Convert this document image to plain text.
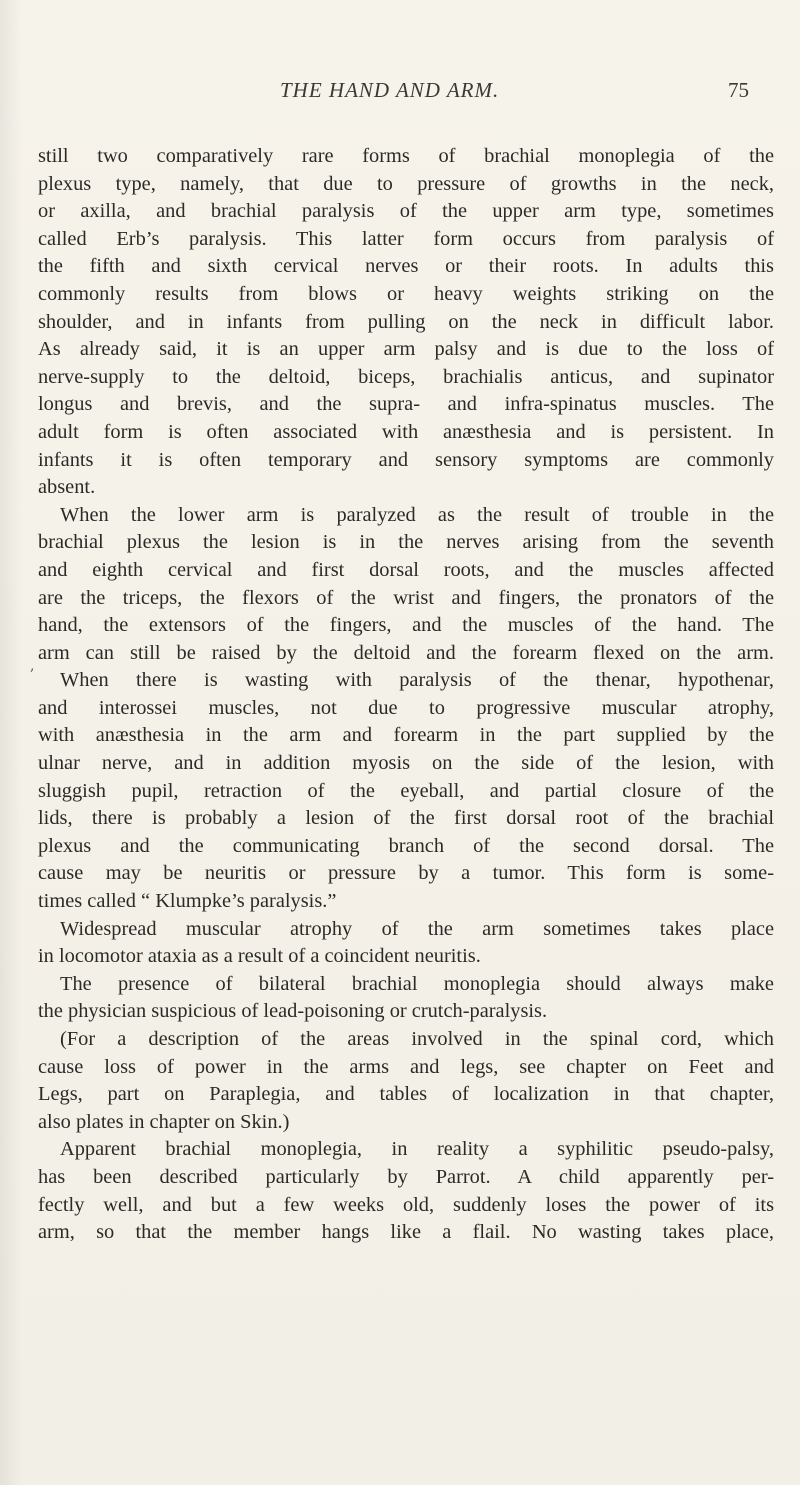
THE HAND AND ARM.	75
,
still two comparatively rare forms of brachial monoplegia of the
plexus type, namely, that due to pressure of growths in the neck,
or axilla, and brachial paralysis of the upper arm type, sometimes
called Erb’s paralysis. This latter form occurs from paralysis of
the fifth and sixth cervical nerves or their roots. In adults this
commonly results from blows or heavy weights striking on the
shoulder, and in infants from pulling on the neck in difficult labor.
As already said, it is an upper arm palsy and is due to the loss of
nerve-supply to the deltoid, biceps, brachialis anticus, and supinator
longus and brevis, and the supra- and infra-spinatus muscles. The
adult form is often associated with anæsthesia and is persistent. In
infants it is often temporary and sensory symptoms are commonly
absent.
When the lower arm is paralyzed as the result of trouble in the
brachial plexus the lesion is in the nerves arising from the seventh
and eighth cervical and first dorsal roots, and the muscles affected
are the triceps, the flexors of the wrist and fingers, the pronators of the
hand, the extensors of the fingers, and the muscles of the hand. The
arm can still be raised by the deltoid and the forearm flexed on the arm.
When there is wasting with paralysis of the thenar, hypothenar,
and interossei muscles, not due to progressive muscular atrophy,
with anæsthesia in the arm and forearm in the part supplied by the
ulnar nerve, and in addition myosis on the side of the lesion, with
sluggish pupil, retraction of the eyeball, and partial closure of the
lids, there is probably a lesion of the first dorsal root of the brachial
plexus and the communicating branch of the second dorsal. The
cause may be neuritis or pressure by a tumor. This form is some-
times called “ Klumpke’s paralysis.”
Widespread muscular atrophy of the arm sometimes takes place
in locomotor ataxia as a result of a coincident neuritis.
The presence of bilateral brachial monoplegia should always make
the physician suspicious of lead-poisoning or crutch-paralysis.
(For a description of the areas involved in the spinal cord, which
cause loss of power in the arms and legs, see chapter on Feet and
Legs, part on Paraplegia, and tables of localization in that chapter,
also plates in chapter on Skin.)
Apparent brachial monoplegia, in reality a syphilitic pseudo-palsy,
has been described particularly by Parrot. A child apparently per-
fectly well, and but a few weeks old, suddenly loses the power of its
arm, so that the member hangs like a flail. No wasting takes place,
